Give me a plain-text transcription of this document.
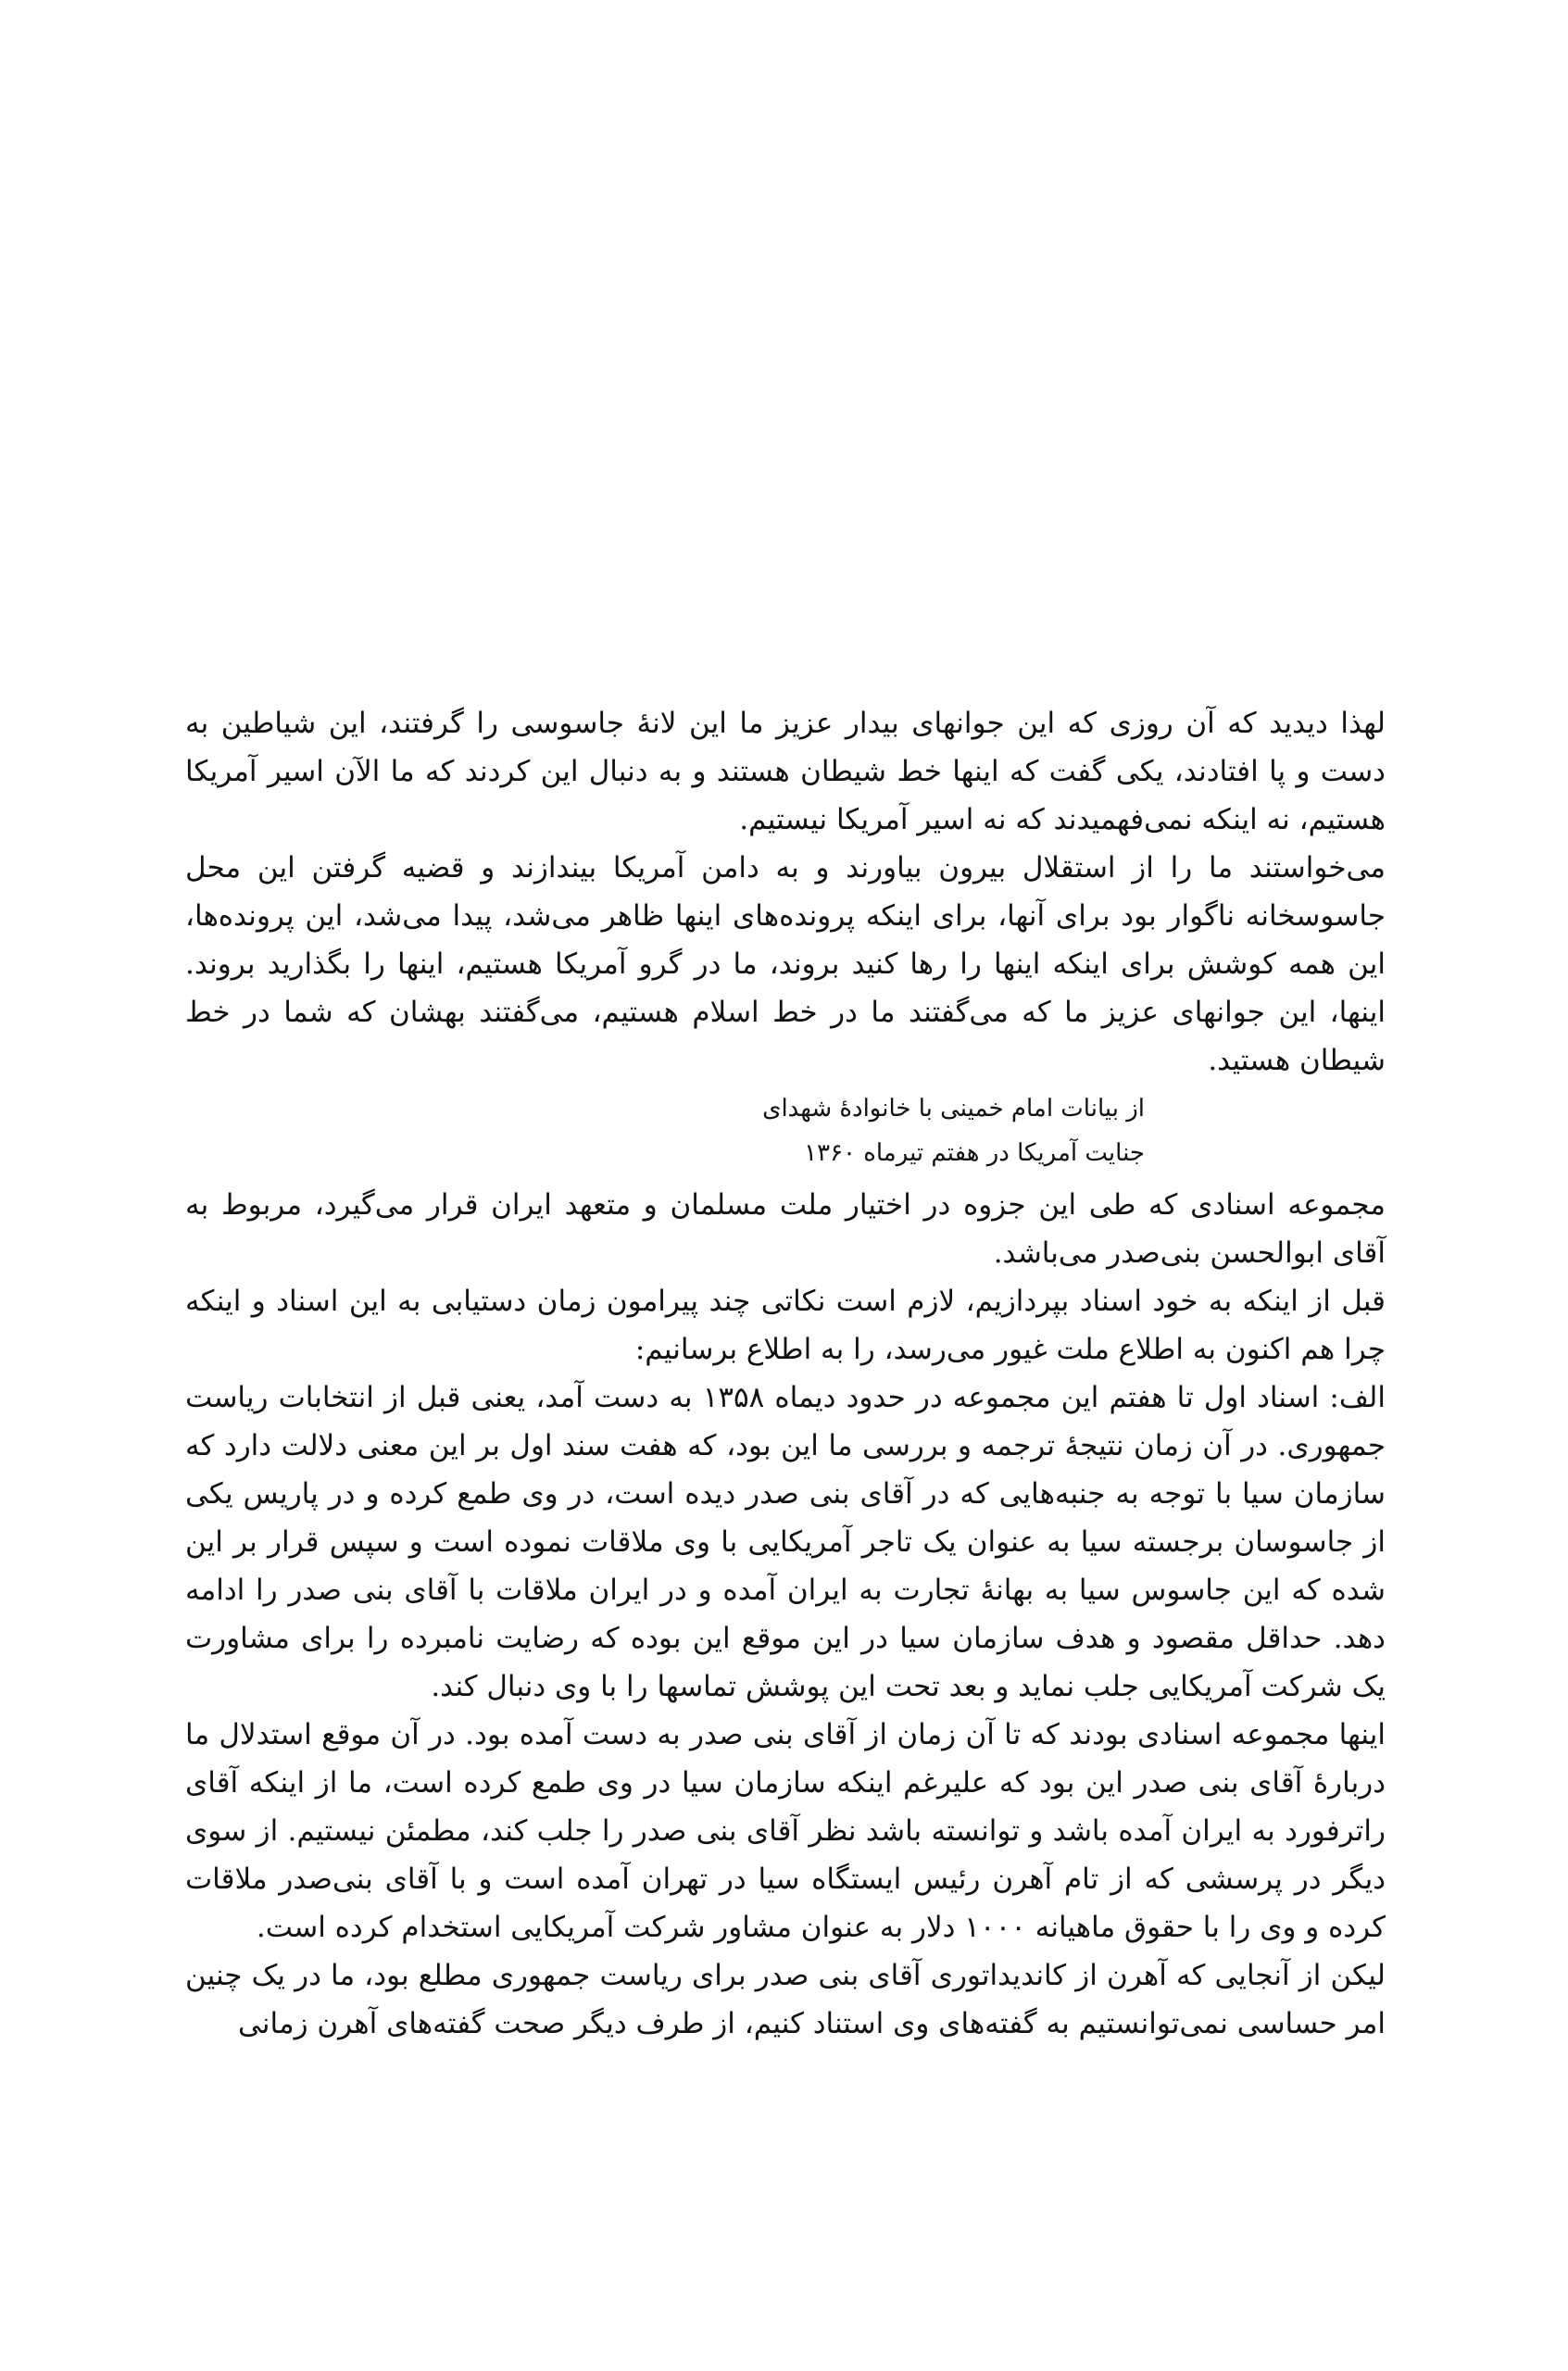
لهذا دیدید که آن روزی که این جوانهای بیدار عزیز ما این لانهٔ جاسوسی را گرفتند، این شیاطین به دست و پا افتادند، یکی گفت که اینها خط شیطان هستند و به دنبال این کردند که ما الآن اسیر آمریکا هستیم، نه اینکه نمی‌فهمیدند که نه اسیر آمریکا نیستیم.

می‌خواستند ما را از استقلال بیرون بیاورند و به دامن آمریکا بیندازند و قضیه گرفتن این محل جاسوسخانه ناگوار بود برای آنها، برای اینکه پرونده‌های اینها ظاهر می‌شد، پیدا می‌شد، این پرونده‌ها، این همه کوشش برای اینکه اینها را رها کنید بروند، ما در گرو آمریکا هستیم، اینها را بگذارید بروند. اینها، این جوانهای عزیز ما که می‌گفتند ما در خط اسلام هستیم، می‌گفتند بهشان که شما در خط شیطان هستید.

از بیانات امام خمینی با خانوادهٔ شهدای
جنایت آمریکا در هفتم تیرماه ۱۳۶۰

مجموعه اسنادی که طی این جزوه در اختیار ملت مسلمان و متعهد ایران قرار می‌گیرد، مربوط به آقای ابوالحسن بنی‌صدر می‌باشد.

قبل از اینکه به خود اسناد بپردازیم، لازم است نکاتی چند پیرامون زمان دستیابی به این اسناد و اینکه چرا هم اکنون به اطلاع ملت غیور می‌رسد، را به اطلاع برسانیم:

الف: اسناد اول تا هفتم این مجموعه در حدود دیماه ۱۳۵۸ به دست آمد، یعنی قبل از انتخابات ریاست جمهوری. در آن زمان نتیجهٔ ترجمه و بررسی ما این بود، که هفت سند اول بر این معنی دلالت دارد که سازمان سیا با توجه به جنبه‌هایی که در آقای بنی صدر دیده است، در وی طمع کرده و در پاریس یکی از جاسوسان برجسته سیا به عنوان یک تاجر آمریکایی با وی ملاقات نموده است و سپس قرار بر این شده که این جاسوس سیا به بهانهٔ تجارت به ایران آمده و در ایران ملاقات با آقای بنی صدر را ادامه دهد. حداقل مقصود و هدف سازمان سیا در این موقع این بوده که رضایت نامبرده را برای مشاورت یک شرکت آمریکایی جلب نماید و بعد تحت این پوشش تماسها را با وی دنبال کند.

اینها مجموعه اسنادی بودند که تا آن زمان از آقای بنی صدر به دست آمده بود. در آن موقع استدلال ما دربارهٔ آقای بنی صدر این بود که علیرغم اینکه سازمان سیا در وی طمع کرده است، ما از اینکه آقای راترفورد به ایران آمده باشد و توانسته باشد نظر آقای بنی صدر را جلب کند، مطمئن نیستیم. از سوی دیگر در پرسشی که از تام آهرن رئیس ایستگاه سیا در تهران آمده است و با آقای بنی‌صدر ملاقات کرده و وی را با حقوق ماهیانه ۱۰۰۰ دلار به عنوان مشاور شرکت آمریکایی استخدام کرده است.

لیکن از آنجایی که آهرن از کاندیداتوری آقای بنی صدر برای ریاست جمهوری مطلع بود، ما در یک چنین امر حساسی نمی‌توانستیم به گفته‌های وی استناد کنیم، از طرف دیگر صحت گفته‌های آهرن زمانی
